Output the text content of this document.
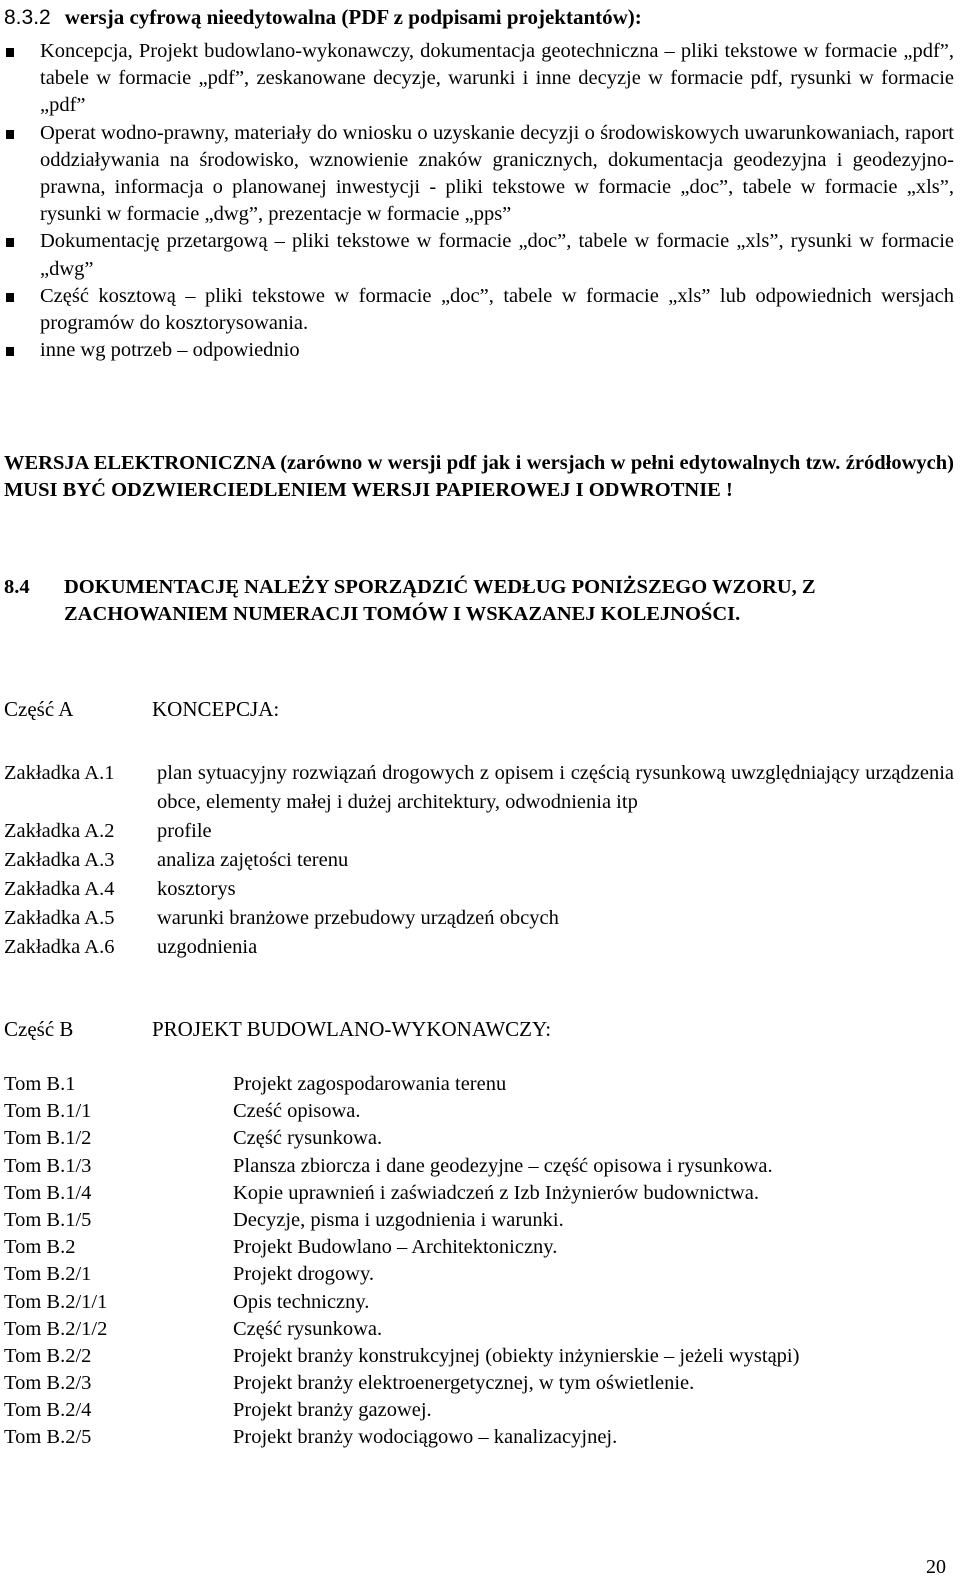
8.3.2 wersja cyfrową nieedytowalna (PDF z podpisami projektantów):
Koncepcja, Projekt budowlano-wykonawczy, dokumentacja geotechniczna – pliki tekstowe w formacie „pdf”, tabele w formacie „pdf”, zeskanowane decyzje, warunki i inne decyzje w formacie pdf, rysunki w formacie „pdf”
Operat wodno-prawny, materiały do wniosku o uzyskanie decyzji o środowiskowych uwarunkowaniach, raport oddziaływania na środowisko, wznowienie znaków granicznych, dokumentacja geodezyjna i geodezyjno-prawna, informacja o planowanej inwestycji - pliki tekstowe w formacie „doc”, tabele w formacie „xls”, rysunki w formacie „dwg”, prezentacje w formacie „pps”
Dokumentację przetargową – pliki tekstowe w formacie „doc”, tabele w formacie „xls”, rysunki w formacie „dwg”
Część kosztową – pliki tekstowe w formacie „doc”, tabele w formacie „xls” lub odpowiednich wersjach programów do kosztorysowania.
inne wg potrzeb – odpowiednio
WERSJA ELEKTRONICZNA (zarówno w wersji pdf jak i wersjach w pełni edytowalnych tzw. źródłowych) MUSI BYĆ ODZWIERCIEDLENIEM WERSJI PAPIEROWEJ I ODWROTNIE !
8.4	DOKUMENTACJĘ NALEŻY SPORZĄDZIĆ WEDŁUG PONIŻSZEGO WZORU, Z ZACHOWANIEM NUMERACJI TOMÓW I WSKAZANEJ KOLEJNOŚCI.
Część A	KONCEPCJA:
Zakładka A.1	plan sytuacyjny rozwiązań drogowych z opisem i częścią rysunkową uwzględniający urządzenia obce, elementy małej i dużej architektury, odwodnienia itp
Zakładka A.2	profile
Zakładka A.3	analiza zajętości terenu
Zakładka A.4	kosztorys
Zakładka A.5	warunki branżowe przebudowy urządzeń obcych
Zakładka A.6	uzgodnienia
Część B	PROJEKT BUDOWLANO-WYKONAWCZY:
Tom B.1	Projekt zagospodarowania terenu
Tom B.1/1	Cześć opisowa.
Tom B.1/2	Część rysunkowa.
Tom B.1/3	Plansza zbiorcza i dane geodezyjne – część opisowa i rysunkowa.
Tom B.1/4	Kopie uprawnień i zaświadczeń z Izb Inżynierów budownictwa.
Tom B.1/5	Decyzje, pisma i uzgodnienia i warunki.
Tom B.2	Projekt Budowlano – Architektoniczny.
Tom B.2/1	Projekt drogowy.
Tom B.2/1/1	Opis techniczny.
Tom B.2/1/2	Część rysunkowa.
Tom B.2/2	Projekt branży konstrukcyjnej (obiekty inżynierskie – jeżeli wystąpi)
Tom B.2/3	Projekt branży elektroenergetycznej, w tym oświetlenie.
Tom B.2/4	Projekt branży gazowej.
Tom B.2/5	Projekt branży wodociągowo – kanalizacyjnej.
20
